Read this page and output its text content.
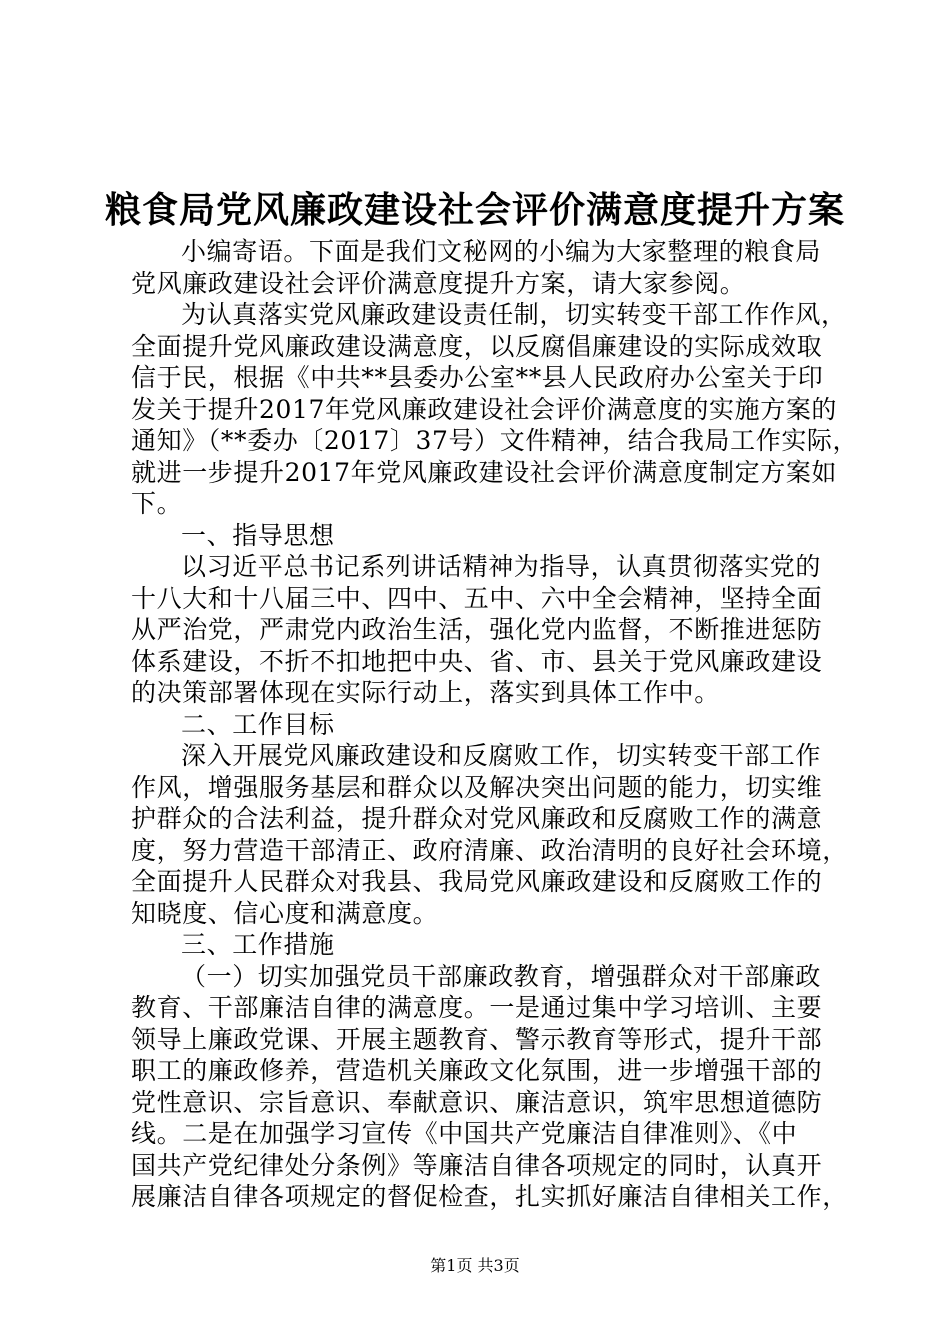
粮食局党风廉政建设社会评价满意度提升方案
小编寄语。下面是我们文秘网的小编为大家整理的粮食局
党风廉政建设社会评价满意度提升方案，请大家参阅。
为认真落实党风廉政建设责任制，切实转变干部工作作风，
全面提升党风廉政建设满意度，以反腐倡廉建设的实际成效取
信于民，根据《中共**县委办公室**县人民政府办公室关于印
发关于提升2017年党风廉政建设社会评价满意度的实施方案的
通知》（**委办〔2017〕37号）文件精神，结合我局工作实际，
就进一步提升2017年党风廉政建设社会评价满意度制定方案如
下。
一、指导思想
以习近平总书记系列讲话精神为指导，认真贯彻落实党的
十八大和十八届三中、四中、五中、六中全会精神，坚持全面
从严治党，严肃党内政治生活，强化党内监督，不断推进惩防
体系建设，不折不扣地把中央、省、市、县关于党风廉政建设
的决策部署体现在实际行动上，落实到具体工作中。
二、工作目标
深入开展党风廉政建设和反腐败工作，切实转变干部工作
作风，增强服务基层和群众以及解决突出问题的能力，切实维
护群众的合法利益，提升群众对党风廉政和反腐败工作的满意
度，努力营造干部清正、政府清廉、政治清明的良好社会环境，
全面提升人民群众对我县、我局党风廉政建设和反腐败工作的
知晓度、信心度和满意度。
三、工作措施
（一）切实加强党员干部廉政教育，增强群众对干部廉政
教育、干部廉洁自律的满意度。一是通过集中学习培训、主要
领导上廉政党课、开展主题教育、警示教育等形式，提升干部
职工的廉政修养，营造机关廉政文化氛围，进一步增强干部的
党性意识、宗旨意识、奉献意识、廉洁意识，筑牢思想道德防
线。二是在加强学习宣传《中国共产党廉洁自律准则》、《中
国共产党纪律处分条例》等廉洁自律各项规定的同时，认真开
展廉洁自律各项规定的督促检查，扎实抓好廉洁自律相关工作，
第1页 共3页
